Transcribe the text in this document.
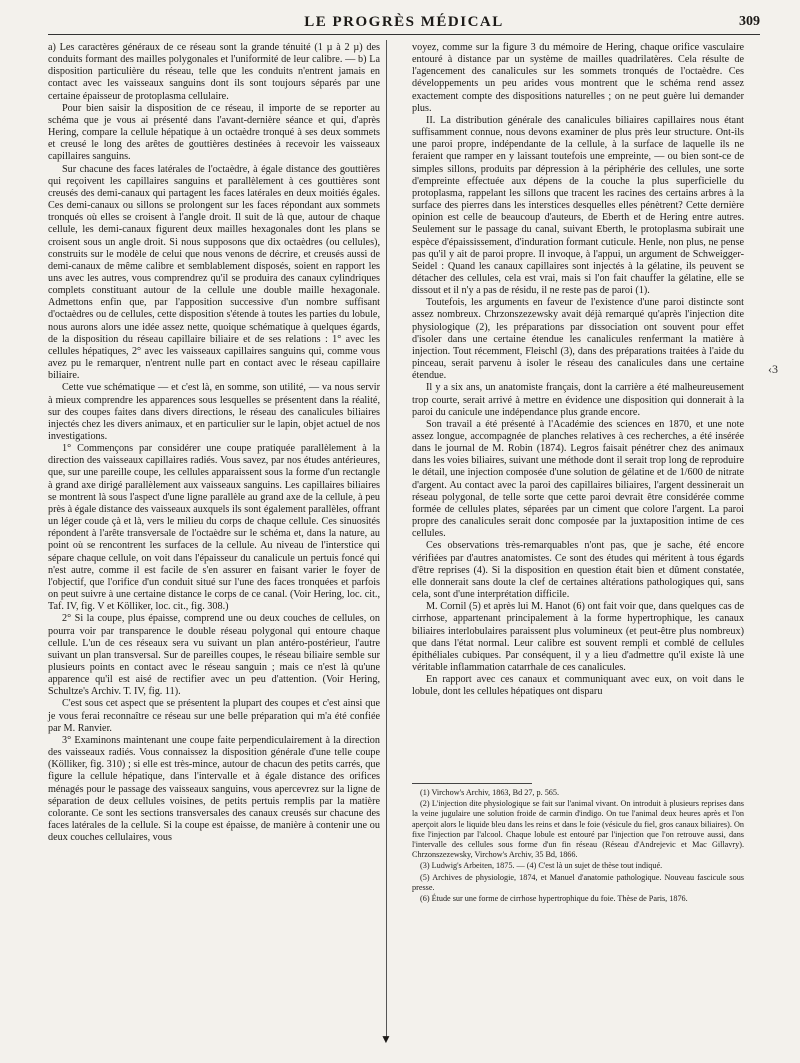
LE PROGRÈS MÉDICAL	309

a) Les caractères généraux de ce réseau sont la grande ténuité (1 µ à 2 µ) des conduits formant des mailles polygonales et l'uniformité de leur calibre. — b) La disposition particulière du réseau, telle que les conduits n'entrent jamais en contact avec les vaisseaux sanguins dont ils sont toujours séparés par une certaine épaisseur de protoplasma cellulaire.

Pour bien saisir la disposition de ce réseau, il importe de se reporter au schéma que je vous ai présenté dans l'avant-dernière séance et qui, d'après Hering, compare la cellule hépatique à un octaèdre tronqué à ses deux sommets et creusé le long des arêtes de gouttières destinées à recevoir les vaisseaux capillaires sanguins.

Sur chacune des faces latérales de l'octaèdre, à égale distance des gouttières qui reçoivent les capillaires sanguins et parallèlement à ces gouttières sont creusés des demi-canaux qui partagent les faces latérales en deux moitiés égales. Ces demi-canaux ou sillons se prolongent sur les faces répondant aux sommets tronqués où elles se croisent à l'angle droit. Il suit de là que, autour de chaque cellule, les demi-canaux figurent deux mailles hexagonales dont les plans se croisent sous un angle droit. Si nous supposons que dix octaèdres (ou cellules), construits sur le modèle de celui que nous venons de décrire, et creusés aussi de demi-canaux de même calibre et semblablement disposés, soient en rapport les uns avec les autres, vous comprendrez qu'il se produira des canaux cylindriques complets constituant autour de la cellule une double maille hexagonale. Admettons enfin que, par l'apposition successive d'un nombre suffisant d'octaèdres ou de cellules, cette disposition s'étende à toutes les parties du lobule, nous aurons alors une idée assez nette, quoique schématique à quelques égards, de la disposition du réseau capillaire biliaire et de ses relations : 1° avec les cellules hépatiques, 2° avec les vaisseaux capillaires sanguins qui, comme vous avez pu le remarquer, n'entrent nulle part en contact avec le réseau capillaire biliaire.

Cette vue schématique — et c'est là, en somme, son utilité, — va nous servir à mieux comprendre les apparences sous lesquelles se présentent dans la réalité, sur des coupes faites dans divers directions, le réseau des canalicules biliaires injectés chez les divers animaux, et en particulier sur le lapin, objet actuel de nos investigations.

1° Commençons par considérer une coupe pratiquée parallèlement à la direction des vaisseaux capillaires radiés. Vous savez, par nos études antérieures, que, sur une pareille coupe, les cellules apparaissent sous la forme d'un rectangle à grand axe dirigé parallèlement aux vaisseaux sanguins. Les capillaires biliaires se montrent là sous l'aspect d'une ligne parallèle au grand axe de la cellule, à peu près à égale distance des vaisseaux auxquels ils sont également parallèles, offrant un léger coude çà et là, vers le milieu du corps de chaque cellule. Ces sinuosités répondent à l'arête transversale de l'octaèdre sur le schéma et, dans la nature, au point où se rencontrent les surfaces de la cellule. Au niveau de l'interstice qui sépare chaque cellule, on voit dans l'épaisseur du canalicule un pertuis foncé qui n'est autre, comme il est facile de s'en assurer en faisant varier le foyer de l'objectif, que l'orifice d'un conduit situé sur l'une des faces tronquées et parfois on peut suivre à une certaine distance le corps de ce canal. (Voir Hering, loc. cit., Taf. IV, fig. V et Kölliker, loc. cit., fig. 308.)

2° Si la coupe, plus épaisse, comprend une ou deux couches de cellules, on pourra voir par transparence le double réseau polygonal qui entoure chaque cellule. L'un de ces réseaux sera vu suivant un plan antéro-postérieur, l'autre suivant un plan transversal. Sur de pareilles coupes, le réseau biliaire semble sur plusieurs points en contact avec le réseau sanguin ; mais ce n'est là qu'une apparence qu'il est aisé de rectifier avec un peu d'attention. (Voir Hering, Schultze's Archiv. T. IV, fig. 11).

C'est sous cet aspect que se présentent la plupart des coupes et c'est ainsi que je vous ferai reconnaître ce réseau sur une belle préparation qui m'a été confiée par M. Ranvier.

3° Examinons maintenant une coupe faite perpendiculairement à la direction des vaisseaux radiés. Vous connaissez la disposition générale d'une telle coupe (Kölliker, fig. 310) ; si elle est très-mince, autour de chacun des petits carrés, que figure la cellule hépatique, dans l'intervalle et à égale distance des orifices ménagés pour le passage des vaisseaux sanguins, vous apercevrez sur la ligne de séparation de deux cellules voisines, de petits pertuis remplis par la matière colorante. Ce sont les sections transversales des canaux creusés sur chacune des faces latérales de la cellule. Si la coupe est épaisse, de manière à contenir une ou deux couches cellulaires, vous

▼

voyez, comme sur la figure 3 du mémoire de Hering, chaque orifice vasculaire entouré à distance par un système de mailles quadrilatères. Cela résulte de l'agencement des canalicules sur les sommets tronqués de l'octaèdre. Ces développements un peu arides vous montrent que le schéma rend assez exactement compte des dispositions naturelles ; on ne peut guère lui demander plus.

II. La distribution générale des canalicules biliaires capillaires nous étant suffisamment connue, nous devons examiner de plus près leur structure. Ont-ils une paroi propre, indépendante de la cellule, à la surface de laquelle ils ne feraient que ramper en y laissant toutefois une empreinte, — ou bien sont-ce de simples sillons, produits par dépression à la périphérie des cellules, une sorte d'empreinte effectuée aux dépens de la couche la plus superficielle du protoplasma, rappelant les sillons que tracent les racines des certains arbres à la surface des pierres dans les interstices desquelles elles pénètrent? Cette dernière opinion est celle de beaucoup d'auteurs, de Eberth et de Hering entre autres. Seulement sur le passage du canal, suivant Eberth, le protoplasma subirait une espèce d'épaississement, d'induration formant cuticule. Henle, non plus, ne pense pas qu'il y ait de paroi propre. Il invoque, à l'appui, un argument de Schweigger-Seidel : Quand les canaux capillaires sont injectés à la gélatine, ils peuvent se détacher des cellules, cela est vrai, mais si l'on fait chauffer la gélatine, elle se dissout et il n'y a pas de résidu, il ne reste pas de paroi (1).

Toutefois, les arguments en faveur de l'existence d'une paroi distincte sont assez nombreux. Chrzonszezewsky avait déjà remarqué qu'après l'injection dite physiologique (2), les préparations par dissociation ont souvent pour effet d'isoler dans une certaine étendue les canalicules renfermant la matière à injection. Tout récemment, Fleischl (3), dans des préparations traitées à l'aide du pinceau, serait parvenu à isoler le réseau des canalicules dans une certaine étendue.

Il y a six ans, un anatomiste français, dont la carrière a été malheureusement trop courte, serait arrivé à mettre en évidence une disposition qui donnerait à la paroi du canicule une indépendance plus grande encore.

Son travail a été présenté à l'Académie des sciences en 1870, et une note assez longue, accompagnée de planches relatives à ces recherches, a été insérée dans le journal de M. Robin (1874). Legros faisait pénétrer chez des animaux dans les voies biliaires, suivant une méthode dont il serait trop long de reproduire le détail, une injection composée d'une solution de gélatine et de 1/600 de nitrate d'argent. Au contact avec la paroi des capillaires biliaires, l'argent dessinerait un réseau polygonal, de telle sorte que cette paroi devrait être considérée comme formée de cellules plates, séparées par un ciment que colore l'argent. La paroi propre des canalicules serait donc composée par la juxtaposition intime de ces cellules.

Ces observations très-remarquables n'ont pas, que je sache, été encore vérifiées par d'autres anatomistes. Ce sont des études qui méritent à tous égards d'être reprises (4). Si la disposition en question était bien et dûment constatée, elle donnerait sans doute la clef de certaines altérations pathologiques qui, sans cela, sont d'une interprétation difficile.

M. Cornil (5) et après lui M. Hanot (6) ont fait voir que, dans quelques cas de cirrhose, appartenant principalement à la forme hypertrophique, les canaux biliaires interlobulaires paraissent plus volumineux (et peut-être plus nombreux) que dans l'état normal. Leur calibre est souvent rempli et comblé de cellules épithéliales cubiques. Par conséquent, il y a lieu d'admettre qu'il existe là une véritable inflammation catarrhale de ces canalicules.

En rapport avec ces canaux et communiquant avec eux, on voit dans le lobule, dont les cellules hépatiques ont disparu

‹3

(1) Virchow's Archiv, 1863, Bd 27, p. 565.

(2) L'injection dite physiologique se fait sur l'animal vivant. On introduit à plusieurs reprises dans la veine jugulaire une solution froide de carmin d'indigo. On tue l'animal deux heures après et l'on aperçoit alors le liquide bleu dans les reins et dans le foie (vésicule du fiel, gros canaux biliaires). On fixe l'injection par l'alcool. Chaque lobule est entouré par l'injection que l'on retrouve aussi, dans l'intervalle des cellules sous forme d'un fin réseau (Réseau d'Andrejevic et Mac Gillavry). Chrzonszezewsky, Virchow's Archiv, 35 Bd, 1866.

(3) Ludwig's Arbeiten, 1875. — (4) C'est là un sujet de thèse tout indiqué.

(5) Archives de physiologie, 1874, et Manuel d'anatomie pathologique. Nouveau fascicule sous presse.

(6) Étude sur une forme de cirrhose hypertrophique du foie. Thèse de Paris, 1876.
